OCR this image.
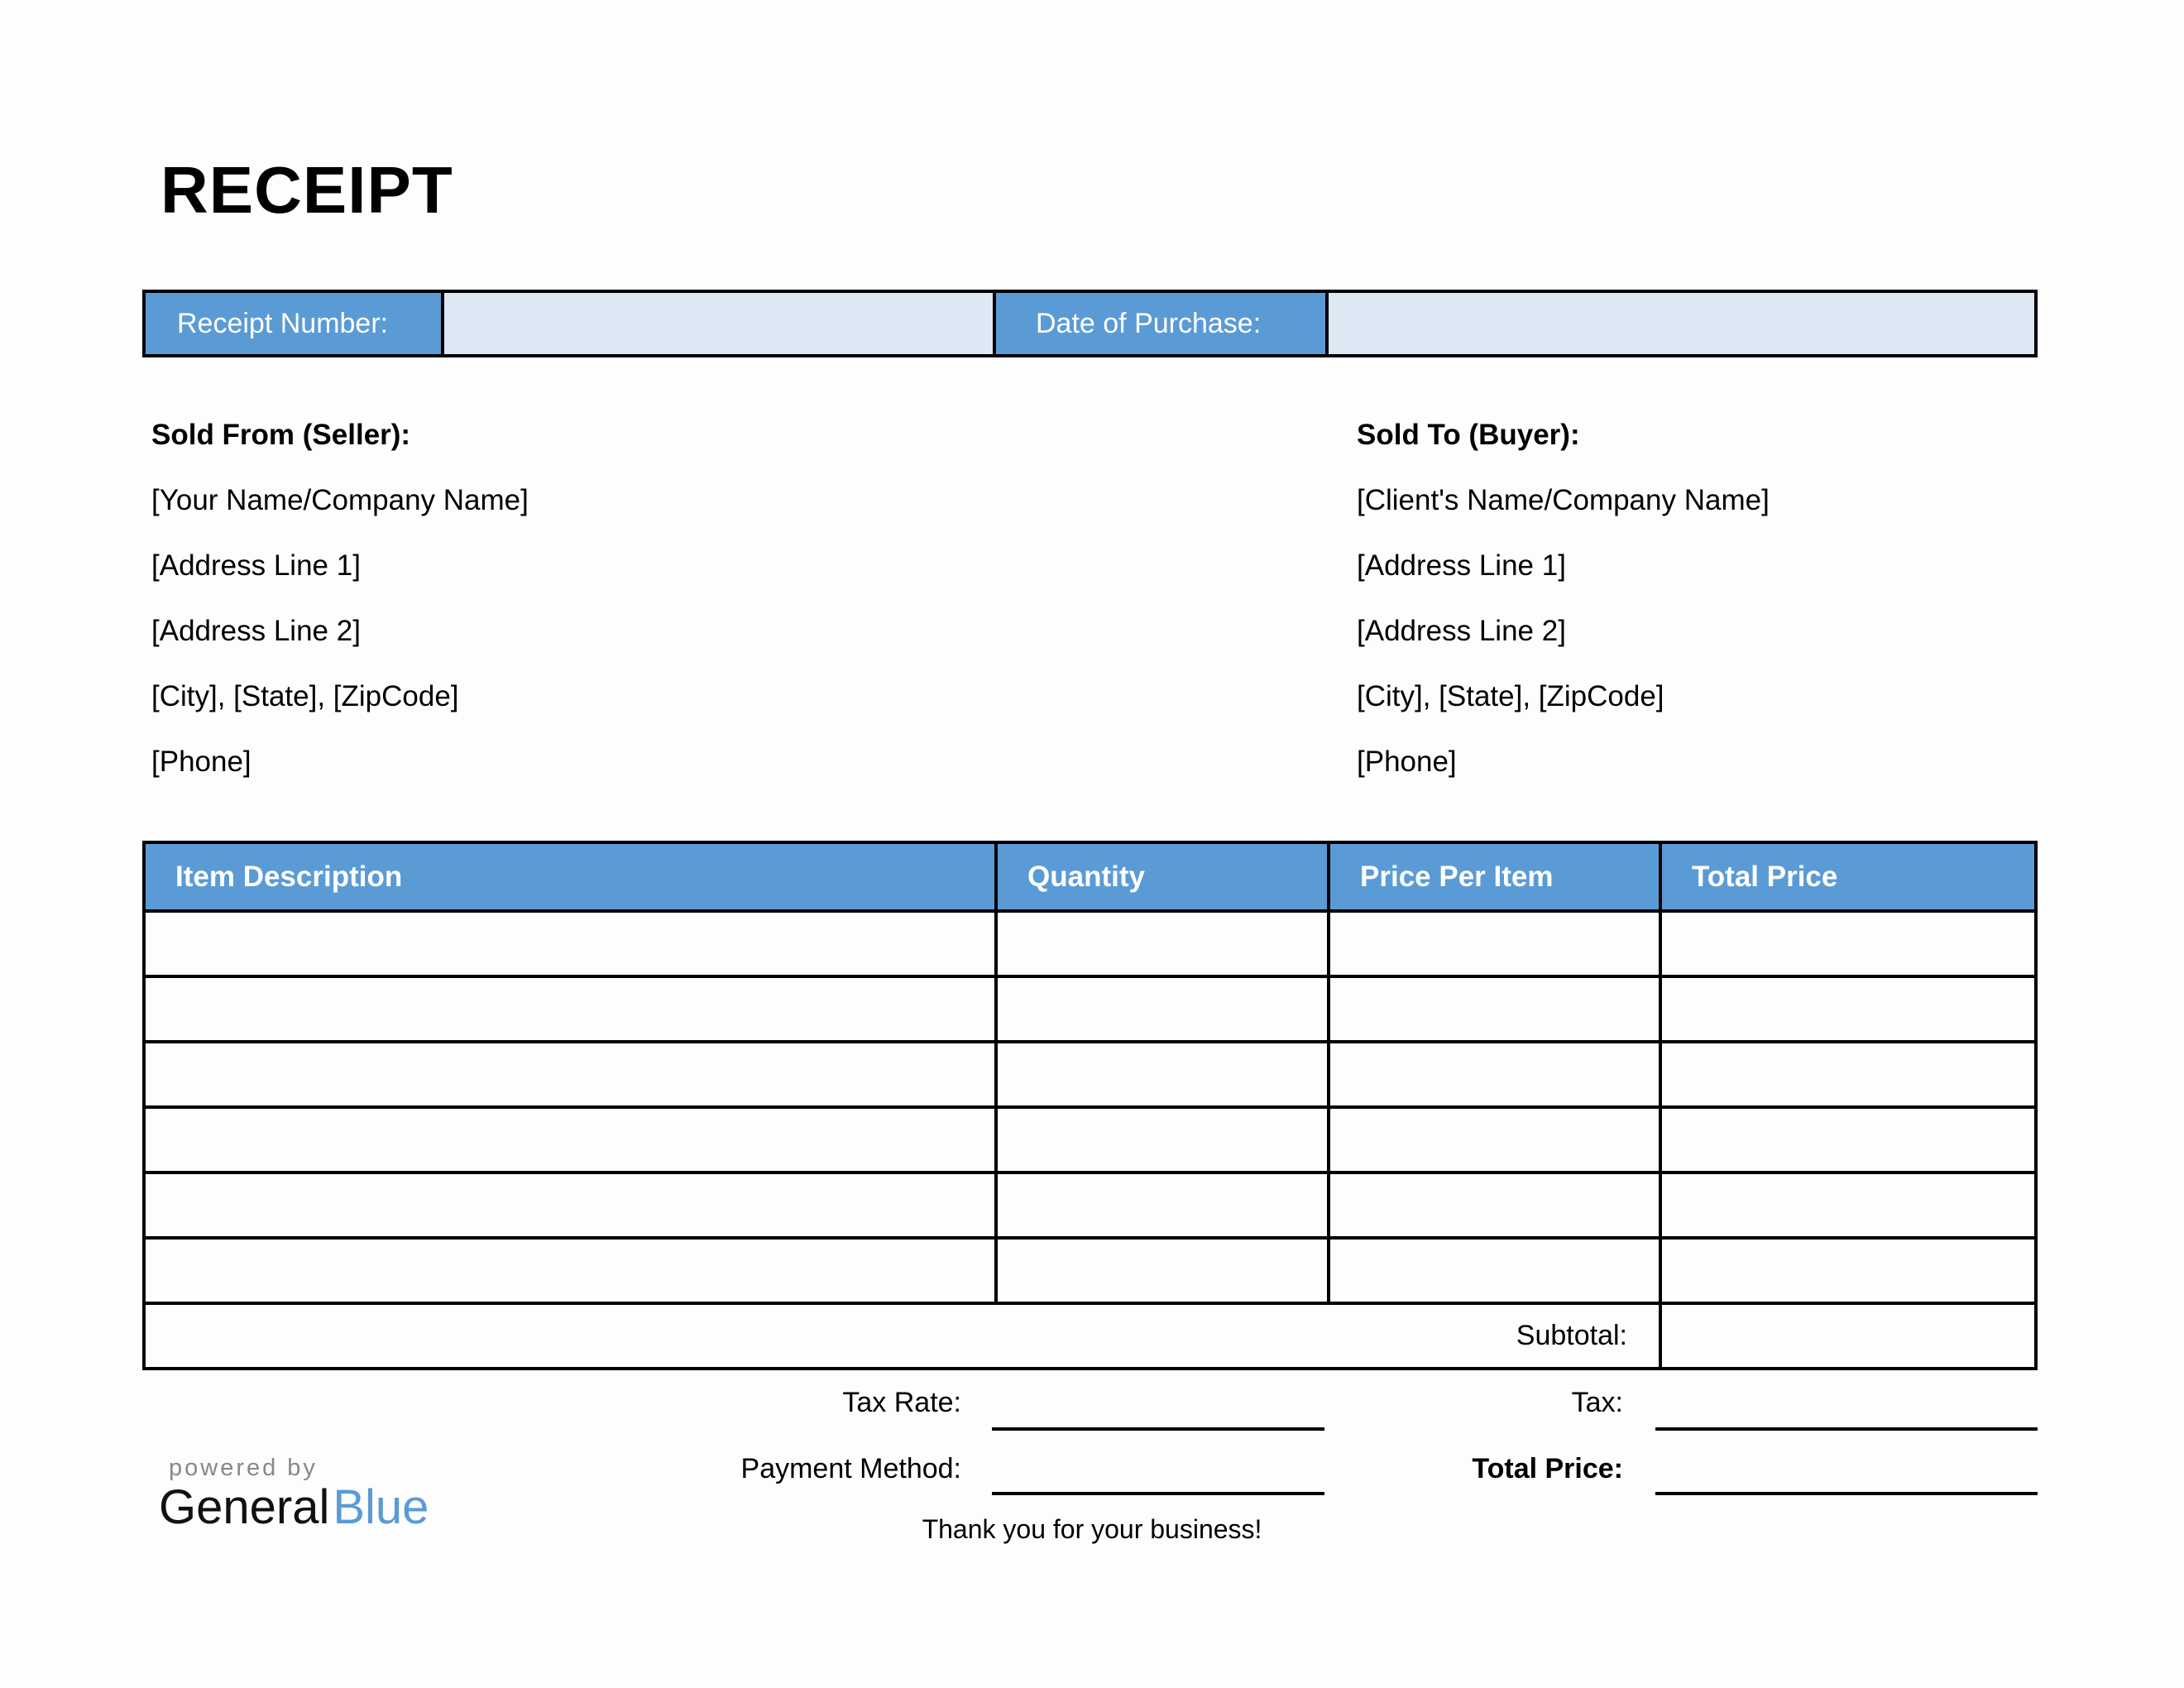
RECEIPT
Receipt Number:	Date of Purchase:
Sold From (Seller):
[Your Name/Company Name]
[Address Line 1]
[Address Line 2]
[City], [State], [ZipCode]
[Phone]
Sold To (Buyer):
[Client's Name/Company Name]
[Address Line 1]
[Address Line 2]
[City], [State], [ZipCode]
[Phone]
Item Description	Quantity	Price Per Item	Total Price
Subtotal:
Tax Rate:
Payment Method:
Tax:
Total Price:
Thank you for your business!
powered by
GeneralBlue
